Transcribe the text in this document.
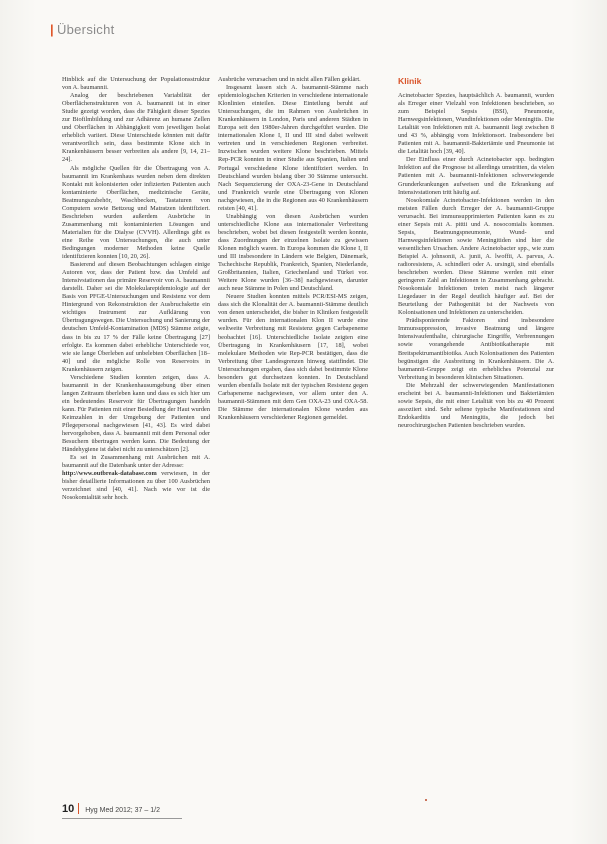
| Übersicht

Hinblick auf die Untersuchung der Populationsstruktur von A. baumannii.

Analog der beschriebenen Variabilität der Oberflächenstrukturen von A. baumannii ist in einer Studie gezeigt worden, dass die Fähigkeit dieser Spezies zur Biofilmbildung und zur Adhärenz an humane Zellen und Oberflächen in Abhängigkeit vom jeweiligen Isolat erheblich variiert. Diese Unterschiede könnten mit dafür verantwortlich sein, dass bestimmte Klone sich in Krankenhäusern besser verbreiten als andere [9, 14, 21–24].

Als mögliche Quellen für die Übertragung von A. baumannii im Krankenhaus wurden neben dem direkten Kontakt mit kolonisierten oder infizierten Patienten auch kontaminierte Oberflächen, medizinische Geräte, Beatmungszubehör, Waschbecken, Tastaturen von Computern sowie Bettzeug und Matratzen identifiziert. Beschrieben wurden außerdem Ausbrüche in Zusammenhang mit kontaminierten Lösungen und Materialien für die Dialyse (CVVH). Allerdings gibt es eine Reihe von Untersuchungen, die auch unter Bedingungen moderner Methoden keine Quelle identifizieren konnten [10, 20, 26].

Basierend auf diesen Beobachtungen schlagen einige Autoren vor, dass der Patient bzw. das Umfeld auf Intensivstationen das primäre Reservoir von A. baumannii darstellt. Daher sei die Molekularepidemiologie auf der Basis von PFGE-Untersuchungen und Resistenz vor dem Hintergrund von Rekonstruktion der Ausbruchskette ein wichtiges Instrument zur Aufklärung von Übertragungswegen. Die Untersuchung und Sanierung der deutschen Umfeld-Kontamination (MDS) Stämme zeigte, dass in bis zu 17 % der Fälle keine Übertragung [27] erfolgte. Es kommen dabei erhebliche Unterschiede vor, wie sie lange Überleben auf unbelebten Oberflächen [18–40] und die mögliche Rolle von Reservoirs in Krankenhäusern zeigen.

Verschiedene Studien konnten zeigen, dass A. baumannii in der Krankenhausumgebung über einen langen Zeitraum überleben kann und dass es sich hier um ein bedeutendes Reservoir für Übertragungen handeln kann. Für Patienten mit einer Besiedlung der Haut wurden Keimzahlen in der Umgebung der Patienten und Pflegepersonal nachgewiesen [41, 43]. Es wird dabei hervorgehoben, dass A. baumannii mit dem Personal oder Besuchern übertragen werden kann. Die Bedeutung der Händehygiene ist dabei nicht zu unterschätzen [2].

Es sei in Zusammenhang mit Ausbrüchen mit A. baumannii auf die Datenbank unter der Adresse:

http://www.outbreak-database.com verwiesen, in der bisher detaillierte Informationen zu über 100 Ausbrüchen verzeichnet sind [40, 41]. Nach wie vor ist die Nosokomialität sehr hoch.

Ausbrüche verursachen und in nicht allen Fällen geklärt.

Insgesamt lassen sich A. baumannii-Stämme nach epidemiologischen Kriterien in verschiedene internationale Klonlinien einteilen. Diese Einteilung beruht auf Untersuchungen, die im Rahmen von Ausbrüchen in Krankenhäusern in London, Paris und anderen Städten in Europa seit den 1980er-Jahren durchgeführt wurden. Die internationalen Klone I, II und III sind dabei weltweit vertreten und in verschiedenen Regionen verbreitet. Inzwischen wurden weitere Klone beschrieben. Mittels Rep-PCR konnten in einer Studie aus Spanien, Italien und Portugal verschiedene Klone identifiziert werden. In Deutschland wurden bislang über 30 Stämme untersucht. Nach Sequenzierung der OXA-23-Gene in Deutschland und Frankreich wurde eine Übertragung von Klonen nachgewiesen, die in die Regionen aus 40 Krankenhäusern reisten [40, 41].

Unabhängig von diesen Ausbrüchen wurden unterschiedliche Klone aus internationaler Verbreitung beschrieben, wobei bei diesen festgestellt werden konnte, dass Zuordnungen der einzelnen Isolate zu gewissen Klonen möglich waren. In Europa kommen die Klone I, II und III insbesondere in Ländern wie Belgien, Dänemark, Tschechische Republik, Frankreich, Spanien, Niederlande, Großbritannien, Italien, Griechenland und Türkei vor. Weitere Klone wurden [36–38] nachgewiesen, darunter auch neue Stämme in Polen und Deutschland.

Neuere Studien konnten mittels PCR/ESI-MS zeigen, dass sich die Klonalität der A. baumannii-Stämme deutlich von denen unterscheidet, die bisher in Kliniken festgestellt wurden. Für den internationalen Klon II wurde eine weltweite Verbreitung mit Resistenz gegen Carbapeneme beobachtet [16]. Unterschiedliche Isolate zeigten eine Übertragung in Krankenhäusern [17, 18], wobei molekulare Methoden wie Rep-PCR bestätigen, dass die Verbreitung über Landesgrenzen hinweg stattfindet. Die Untersuchungen ergaben, dass sich dabei bestimmte Klone besonders gut durchsetzen konnten. In Deutschland wurden ebenfalls Isolate mit der typischen Resistenz gegen Carbapeneme nachgewiesen, vor allem unter den A. baumannii-Stämmen mit dem Gen OXA-23 und OXA-58. Die Stämme der internationalen Klone wurden aus Krankenhäusern verschiedener Regionen gemeldet.

Klinik

Acinetobacter Spezies, hauptsächlich A. baumannii, wurden als Erreger einer Vielzahl von Infektionen beschrieben, so zum Beispiel Sepsis (BSI), Pneumonie, Harnwegsinfektionen, Wundinfektionen oder Meningitis. Die Letalität von Infektionen mit A. baumannii liegt zwischen 8 und 43 %, abhängig vom Infektionsort. Insbesondere bei Patienten mit A. baumannii-Bakteriämie und Pneumonie ist die Letalität hoch [39, 40].

Der Einfluss einer durch Acinetobacter spp. bedingten Infektion auf die Prognose ist allerdings umstritten, da vielen Patienten mit A. baumannii-Infektionen schwerwiegende Grunderkrankungen aufweisen und die Erkrankung auf Intensivstationen tritt häufig auf.

Nosokomiale Acinetobacter-Infektionen werden in den meisten Fällen durch Erreger der A. baumannii-Gruppe verursacht. Bei immunsupprimierten Patienten kann es zu einer Sepsis mit A. pittii und A. nosocomialis kommen. Sepsis, Beatmungspneumonie, Wund- und Harnwegsinfektionen sowie Meningitiden sind hier die wesentlichen Ursachen. Andere Acinetobacter spp., wie zum Beispiel A. johnsonii, A. junii, A. lwoffii, A. parvus, A. radioresistens, A. schindleri oder A. ursingii, sind ebenfalls beschrieben worden. Diese Stämme werden mit einer geringeren Zahl an Infektionen in Zusammenhang gebracht. Nosokomiale Infektionen treten meist nach längerer Liegedauer in der Regel deutlich häufiger auf. Bei der Beurteilung der Pathogenität ist der Nachweis von Kolonisationen und Infektionen zu unterscheiden.

Prädisponierende Faktoren sind insbesondere Immunsuppression, invasive Beatmung und längere Intensivaufenthalte, chirurgische Eingriffe, Verbrennungen sowie vorangehende Antibiotikatherapie mit Breitspektrumantibiotika. Auch Kolonisationen des Patienten begünstigen die Ausbreitung in Krankenhäusern. Die A. baumannii-Gruppe zeigt ein erhebliches Potenzial zur Verbreitung in besonderen klinischen Situationen.

Die Mehrzahl der schwerwiegenden Manifestationen erscheint bei A. baumannii-Infektionen und Bakteriämien sowie Sepsis, die mit einer Letalität von bis zu 40 Prozent assoziiert sind. Sehr seltene typische Manifestationen sind Endokarditis und Meningitis, die jedoch bei neurochirurgischen Patienten beschrieben wurden.

10 Hyg Med 2012; 37 – 1/2
